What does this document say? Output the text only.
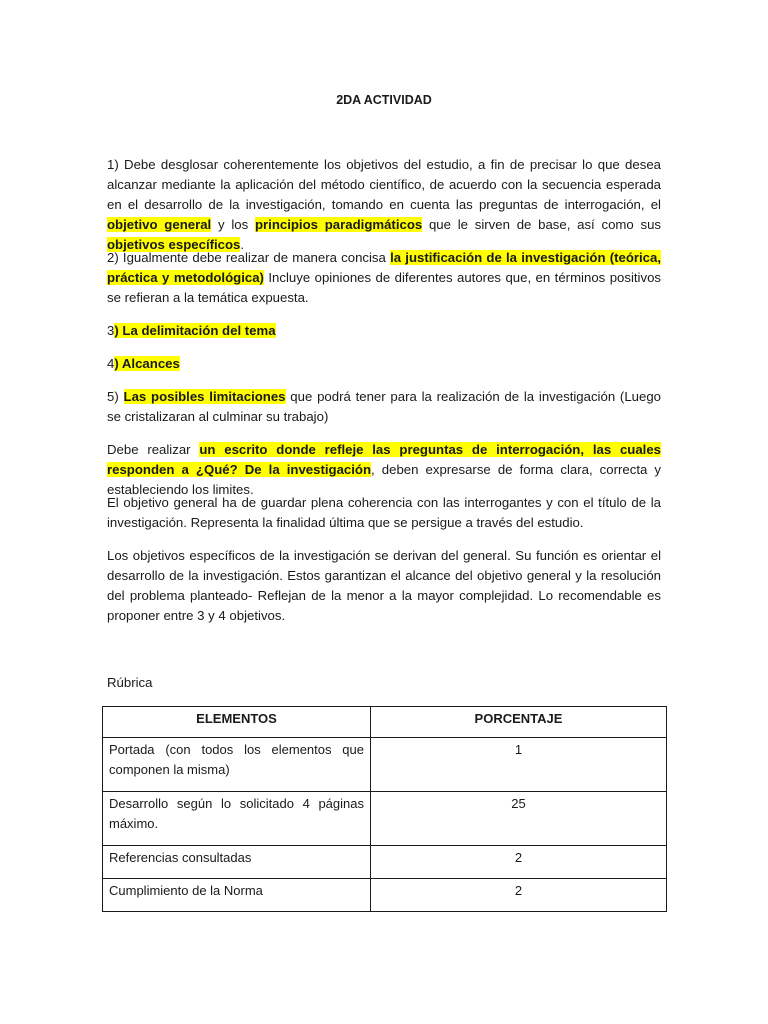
2DA ACTIVIDAD

1) Debe desglosar coherentemente los objetivos del estudio, a fin de precisar lo que desea alcanzar mediante la aplicación del método científico, de acuerdo con la secuencia esperada en el desarrollo de la investigación, tomando en cuenta las preguntas de interrogación, el objetivo general y los principios paradigmáticos que le sirven de base, así como sus objetivos específicos.

2) Igualmente debe realizar de manera concisa la justificación de la investigación (teórica, práctica y metodológica) Incluye opiniones de diferentes autores que, en términos positivos se refieran a la temática expuesta.

3) La delimitación del tema

4) Alcances

5) Las posibles limitaciones que podrá tener para la realización de la investigación (Luego se cristalizaran al culminar su trabajo)

Debe realizar un escrito donde refleje las preguntas de interrogación, las cuales responden a ¿Qué? De la investigación, deben expresarse de forma clara, correcta y estableciendo los limites.

El objetivo general ha de guardar plena coherencia con las interrogantes y con el título de la investigación. Representa la finalidad última que se persigue a través del estudio.

Los objetivos específicos de la investigación se derivan del general. Su función es orientar el desarrollo de la investigación. Estos garantizan el alcance del objetivo general y la resolución del problema planteado- Reflejan de la menor a la mayor complejidad. Lo recomendable es proponer entre 3 y 4 objetivos.

Rúbrica
ELEMENTOS	PORCENTAJE
Portada (con todos los elementos que componen la misma)	1
Desarrollo según lo solicitado 4 páginas máximo.	25
Referencias consultadas	2
Cumplimiento de la Norma	2
